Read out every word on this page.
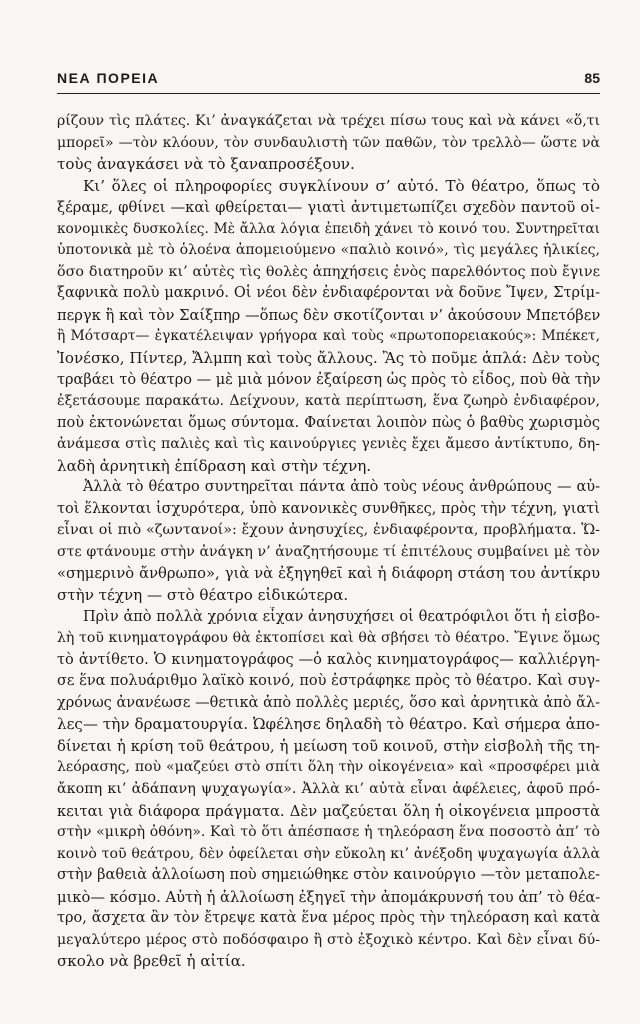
ΝΕΑ ΠΟΡΕΙΑ	85
ρίζουν τὶς πλάτες. Κι’ ἀναγκάζεται νὰ τρέχει πίσω τους καὶ νὰ κάνει «ὅ,τι
μπορεῖ» —τὸν κλόουν, τὸν συνδαυλιστὴ τῶν παθῶν, τὸν τρελλὸ— ὥστε νὰ
τοὺς ἀναγκάσει νὰ τὸ ξαναπροσέξουν.
Κι’ ὅλες οἱ πληροφορίες συγκλίνουν σ’ αὐτό. Τὸ θέατρο, ὅπως τὸ
ξέραμε, φθίνει —καὶ φθείρεται— γιατὶ ἀντιμετωπίζει σχεδὸν παντοῦ οἰ-
κονομικὲς δυσκολίες. Μὲ ἄλλα λόγια ἐπειδὴ χάνει τὸ κοινό του. Συντηρεῖται
ὑποτονικὰ μὲ τὸ ὁλοένα ἀπομειούμενο «παλιὸ κοινό», τὶς μεγάλες ἡλικίες,
ὅσο διατηροῦν κι’ αὐτὲς τὶς θολὲς ἀπηχήσεις ἑνὸς παρελθόντος ποὺ ἔγινε
ξαφνικὰ πολὺ μακρινό. Οἱ νέοι δὲν ἐνδιαφέρονται νὰ δοῦνε Ἴψεν, Στρίμ-
περγκ ἢ καὶ τὸν Σαίξπηρ —ὅπως δὲν σκοτίζονται ν’ ἀκούσουν Μπετόβεν
ἢ Μότσαρτ— ἐγκατέλειψαν γρήγορα καὶ τοὺς «πρωτοπορειακούς»: Μπέκετ,
Ἰονέσκο, Πίντερ, Ἄλμπη καὶ τοὺς ἄλλους. Ἂς τὸ ποῦμε ἁπλά: Δὲν τοὺς
τραβάει τὸ θέατρο — μὲ μιὰ μόνον ἐξαίρεση ὡς πρὸς τὸ εἶδος, ποὺ θὰ τὴν
ἐξετάσουμε παρακάτω. Δείχνουν, κατὰ περίπτωση, ἕνα ζωηρὸ ἐνδιαφέρον,
ποὺ ἐκτονώνεται ὅμως σύντομα. Φαίνεται λοιπὸν πὼς ὁ βαθὺς χωρισμὸς
ἀνάμεσα στὶς παλιὲς καὶ τὶς καινούργιες γενιὲς ἔχει ἄμεσο ἀντίκτυπο, δη-
λαδὴ ἀρνητικὴ ἐπίδραση καὶ στὴν τέχνη.
Ἀλλὰ τὸ θέατρο συντηρεῖται πάντα ἀπὸ τοὺς νέους ἀνθρώπους — αὐ-
τοὶ ἕλκονται ἰσχυρότερα, ὑπὸ κανονικὲς συνθῆκες, πρὸς τὴν τέχνη, γιατὶ
εἶναι οἱ πιὸ «ζωντανοί»: ἔχουν ἀνησυχίες, ἐνδιαφέροντα, προβλήματα. Ὥ-
στε φτάνουμε στὴν ἀνάγκη ν’ ἀναζητήσουμε τί ἐπιτέλους συμβαίνει μὲ τὸν
«σημερινὸ ἄνθρωπο», γιὰ νὰ ἐξηγηθεῖ καὶ ἡ διάφορη στάση του ἀντίκρυ
στὴν τέχνη — στὸ θέατρο εἰδικώτερα.
Πρὶν ἀπὸ πολλὰ χρόνια εἶχαν ἀνησυχήσει οἱ θεατρόφιλοι ὅτι ἡ εἰσβο-
λὴ τοῦ κινηματογράφου θὰ ἐκτοπίσει καὶ θὰ σβήσει τὸ θέατρο. Ἔγινε ὅμως
τὸ ἀντίθετο. Ὁ κινηματογράφος —ὁ καλὸς κινηματογράφος— καλλιέργη-
σε ἕνα πολυάριθμο λαϊκὸ κοινό, ποὺ ἐστράφηκε πρὸς τὸ θέατρο. Καὶ συγ-
χρόνως ἀνανέωσε —θετικὰ ἀπὸ πολλὲς μεριές, ὅσο καὶ ἀρνητικὰ ἀπὸ ἄλ-
λες— τὴν δραματουργία. Ὠφέλησε δηλαδὴ τὸ θέατρο. Καὶ σήμερα ἀπο-
δίνεται ἡ κρίση τοῦ θεάτρου, ἡ μείωση τοῦ κοινοῦ, στὴν εἰσβολὴ τῆς τη-
λεόρασης, ποὺ «μαζεύει στὸ σπίτι ὅλη τὴν οἰκογένεια» καὶ «προσφέρει μιὰ
ἄκοπη κι’ ἀδάπανη ψυχαγωγία». Ἀλλὰ κι’ αὐτὰ εἶναι ἀφέλειες, ἀφοῦ πρό-
κειται γιὰ διάφορα πράγματα. Δὲν μαζεύεται ὅλη ἡ οἰκογένεια μπροστὰ
στὴν «μικρὴ ὀθόνη». Καὶ τὸ ὅτι ἀπέσπασε ἡ τηλεόραση ἕνα ποσοστὸ ἀπ’ τὸ
κοινὸ τοῦ θεάτρου, δὲν ὀφείλεται σὴν εὔκολη κι’ ἀνέξοδη ψυχαγωγία ἀλλὰ
στὴν βαθειὰ ἀλλοίωση ποὺ σημειώθηκε στὸν καινούργιο —τὸν μεταπολε-
μικὸ— κόσμο. Αὐτὴ ἡ ἀλλοίωση ἐξηγεῖ τὴν ἀπομάκρυνσή του ἀπ’ τὸ θέα-
τρο, ἄσχετα ἂν τὸν ἔτρεψε κατὰ ἕνα μέρος πρὸς τὴν τηλεόραση καὶ κατὰ
μεγαλύτερο μέρος στὸ ποδόσφαιρο ἢ στὸ ἐξοχικὸ κέντρο. Καὶ δὲν εἶναι δύ-
σκολο νὰ βρεθεῖ ἡ αἰτία.
